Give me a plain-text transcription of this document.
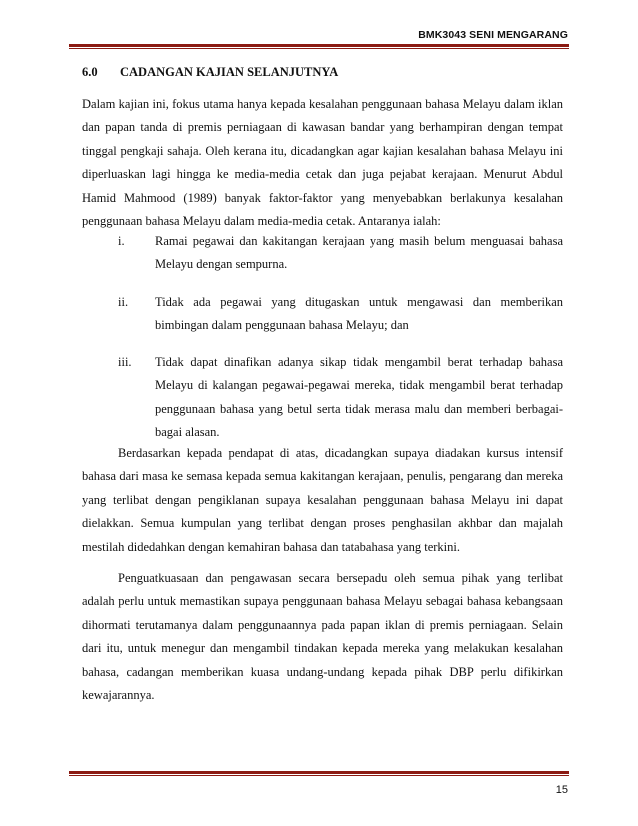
BMK3043 SENI MENGARANG
6.0 CADANGAN KAJIAN SELANJUTNYA

Dalam kajian ini, fokus utama hanya kepada kesalahan penggunaan bahasa Melayu dalam iklan dan papan tanda di premis perniagaan di kawasan bandar yang berhampiran dengan tempat tinggal pengkaji sahaja. Oleh kerana itu, dicadangkan agar kajian kesalahan bahasa Melayu ini diperluaskan lagi hingga ke media-media cetak dan juga pejabat kerajaan. Menurut Abdul Hamid Mahmood (1989) banyak faktor-faktor yang menyebabkan berlakunya kesalahan penggunaan bahasa Melayu dalam media-media cetak. Antaranya ialah:

i. Ramai pegawai dan kakitangan kerajaan yang masih belum menguasai bahasa Melayu dengan sempurna.

ii. Tidak ada pegawai yang ditugaskan untuk mengawasi dan memberikan bimbingan dalam penggunaan bahasa Melayu; dan

iii. Tidak dapat dinafikan adanya sikap tidak mengambil berat terhadap bahasa Melayu di kalangan pegawai-pegawai mereka, tidak mengambil berat terhadap penggunaan bahasa yang betul serta tidak merasa malu dan memberi berbagai-bagai alasan.

Berdasarkan kepada pendapat di atas, dicadangkan supaya diadakan kursus intensif bahasa dari masa ke semasa kepada semua kakitangan kerajaan, penulis, pengarang dan mereka yang terlibat dengan pengiklanan supaya kesalahan penggunaan bahasa Melayu ini dapat dielakkan. Semua kumpulan yang terlibat dengan proses penghasilan akhbar dan majalah mestilah didedahkan dengan kemahiran bahasa dan tatabahasa yang terkini.

Penguatkuasaan dan pengawasan secara bersepadu oleh semua pihak yang terlibat adalah perlu untuk memastikan supaya penggunaan bahasa Melayu sebagai bahasa kebangsaan dihormati terutamanya dalam penggunaannya pada papan iklan di premis perniagaan. Selain dari itu, untuk menegur dan mengambil tindakan kepada mereka yang melakukan kesalahan bahasa, cadangan memberikan kuasa undang-undang kepada pihak DBP perlu difikirkan kewajarannya.

15
